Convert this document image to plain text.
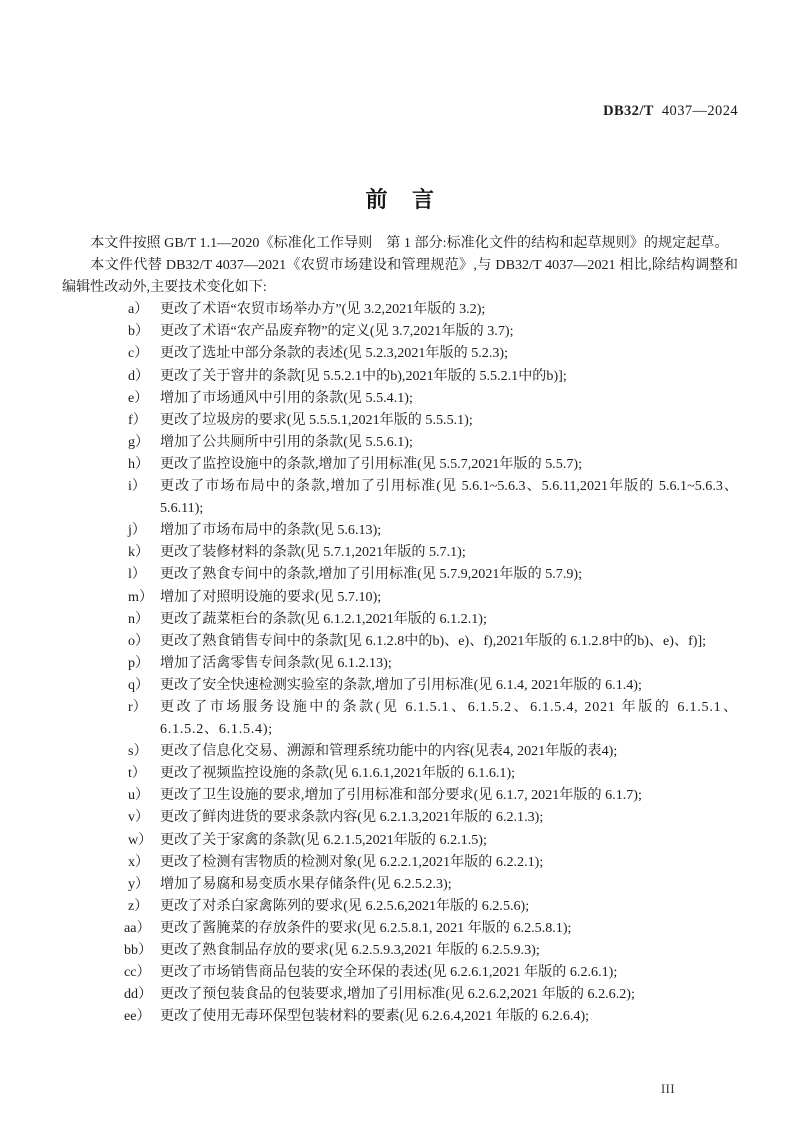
DB32/T 4037—2024
前    言

本文件按照 GB/T 1.1—2020《标准化工作导则　第 1 部分:标准化文件的结构和起草规则》的规定起草。

本文件代替 DB32/T 4037—2021《农贸市场建设和管理规范》,与 DB32/T 4037—2021 相比,除结构调整和编辑性改动外,主要技术变化如下:

a） 更改了术语“农贸市场举办方”(见 3.2,2021年版的 3.2);
b） 更改了术语“农产品废弃物”的定义(见 3.7,2021年版的 3.7);
c） 更改了选址中部分条款的表述(见 5.2.3,2021年版的 5.2.3);
d） 更改了关于窨井的条款[见 5.5.2.1中的b),2021年版的 5.5.2.1中的b)];
e） 增加了市场通风中引用的条款(见 5.5.4.1);
f） 更改了垃圾房的要求(见 5.5.5.1,2021年版的 5.5.5.1);
g） 增加了公共厕所中引用的条款(见 5.5.6.1);
h） 更改了监控设施中的条款,增加了引用标准(见 5.5.7,2021年版的 5.5.7);
i） 更改了市场布局中的条款,增加了引用标准(见 5.6.1~5.6.3、5.6.11,2021年版的 5.6.1~5.6.3、5.6.11);
j） 增加了市场布局中的条款(见 5.6.13);
k） 更改了装修材料的条款(见 5.7.1,2021年版的 5.7.1);
l） 更改了熟食专间中的条款,增加了引用标准(见 5.7.9,2021年版的 5.7.9);
m） 增加了对照明设施的要求(见 5.7.10);
n） 更改了蔬菜柜台的条款(见 6.1.2.1,2021年版的 6.1.2.1);
o） 更改了熟食销售专间中的条款[见 6.1.2.8中的b)、e)、f),2021年版的 6.1.2.8中的b)、e)、f)];
p） 增加了活禽零售专间条款(见 6.1.2.13);
q） 更改了安全快速检测实验室的条款,增加了引用标准(见 6.1.4, 2021年版的 6.1.4);
r） 更改了市场服务设施中的条款(见 6.1.5.1、6.1.5.2、6.1.5.4, 2021 年版的 6.1.5.1、6.1.5.2、6.1.5.4);
s） 更改了信息化交易、溯源和管理系统功能中的内容(见表4, 2021年版的表4);
t） 更改了视频监控设施的条款(见 6.1.6.1,2021年版的 6.1.6.1);
u） 更改了卫生设施的要求,增加了引用标准和部分要求(见 6.1.7, 2021年版的 6.1.7);
v） 更改了鲜肉进货的要求条款内容(见 6.2.1.3,2021年版的 6.2.1.3);
w） 更改了关于家禽的条款(见 6.2.1.5,2021年版的 6.2.1.5);
x） 更改了检测有害物质的检测对象(见 6.2.2.1,2021年版的 6.2.2.1);
y） 增加了易腐和易变质水果存储条件(见 6.2.5.2.3);
z） 更改了对杀白家禽陈列的要求(见 6.2.5.6,2021年版的 6.2.5.6);
aa） 更改了酱腌菜的存放条件的要求(见 6.2.5.8.1, 2021 年版的 6.2.5.8.1);
bb） 更改了熟食制品存放的要求(见 6.2.5.9.3,2021 年版的 6.2.5.9.3);
cc） 更改了市场销售商品包装的安全环保的表述(见 6.2.6.1,2021 年版的 6.2.6.1);
dd） 更改了预包装食品的包装要求,增加了引用标准(见 6.2.6.2,2021 年版的 6.2.6.2);
ee） 更改了使用无毒环保型包装材料的要素(见 6.2.6.4,2021 年版的 6.2.6.4);
III
